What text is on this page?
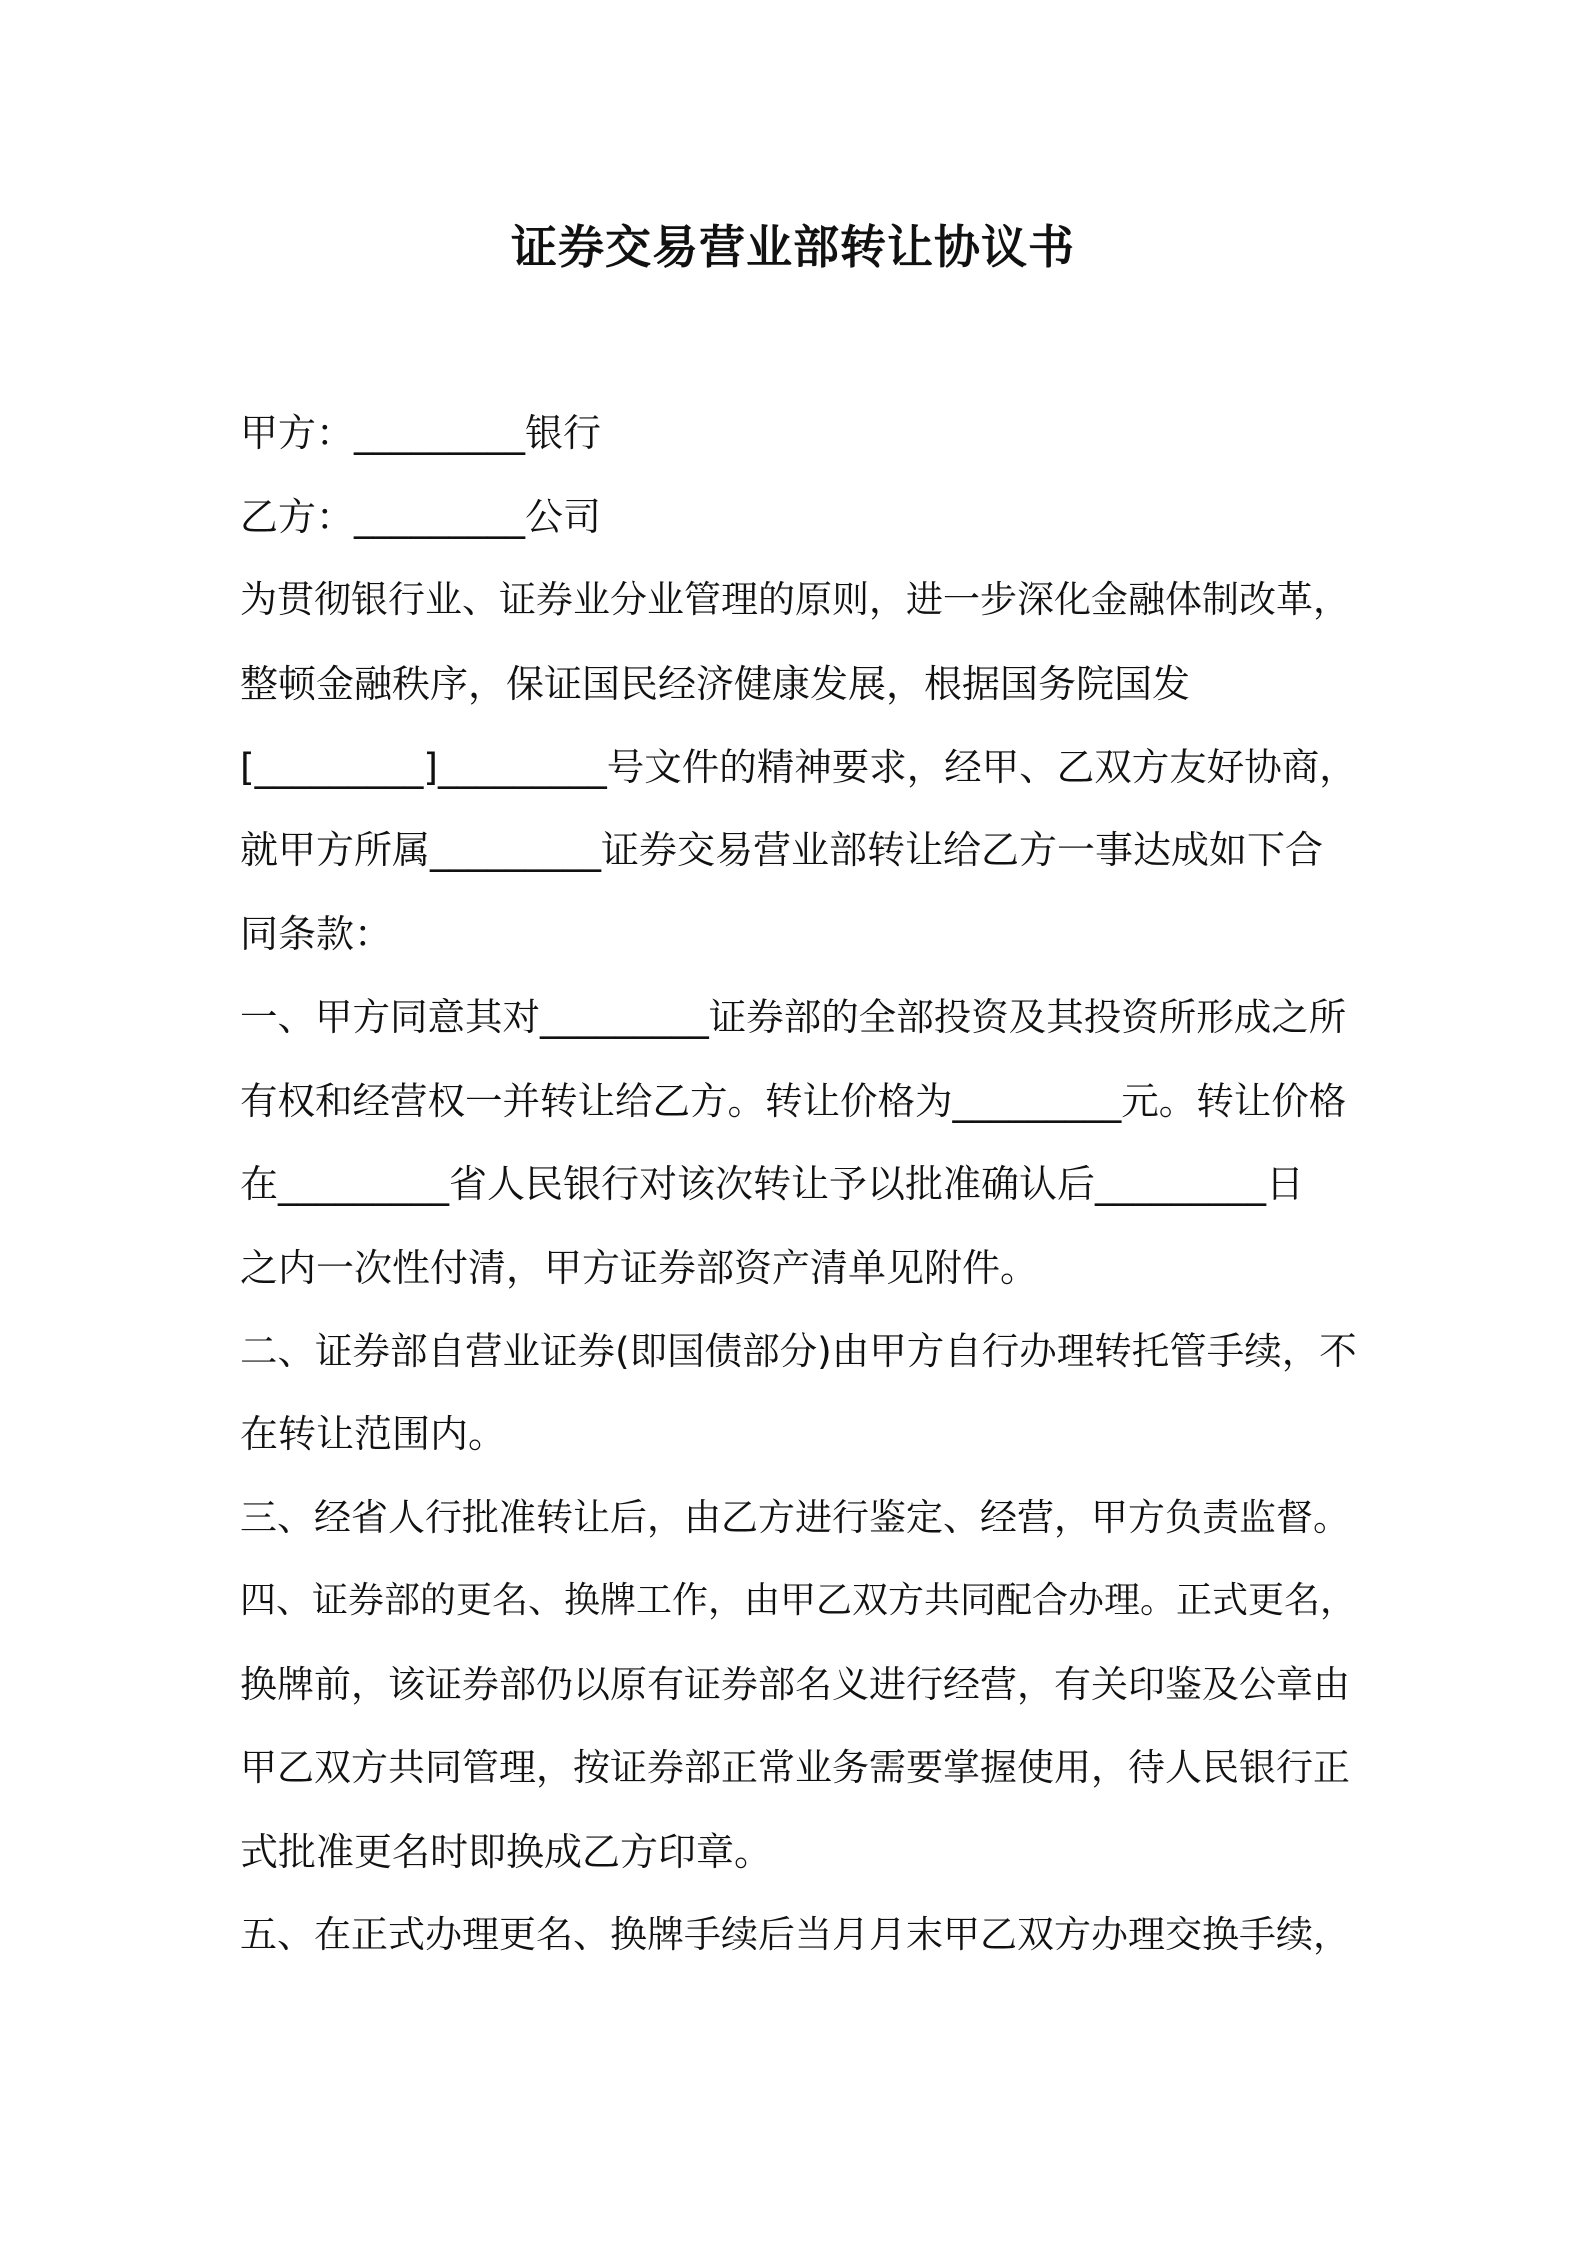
证券交易营业部转让协议书
甲方：_________银行
乙方：_________公司
为贯彻银行业、证券业分业管理的原则，进一步深化金融体制改革，
整顿金融秩序，保证国民经济健康发展，根据国务院国发
[_________]_________号文件的精神要求，经甲、乙双方友好协商，
就甲方所属_________证券交易营业部转让给乙方一事达成如下合
同条款：
一、甲方同意其对_________证券部的全部投资及其投资所形成之所
有权和经营权一并转让给乙方。转让价格为_________元。转让价格
在_________省人民银行对该次转让予以批准确认后_________日
之内一次性付清，甲方证券部资产清单见附件。
二、证券部自营业证券(即国债部分)由甲方自行办理转托管手续，不
在转让范围内。
三、经省人行批准转让后，由乙方进行鉴定、经营，甲方负责监督。
四、证券部的更名、换牌工作，由甲乙双方共同配合办理。正式更名，
换牌前，该证券部仍以原有证券部名义进行经营，有关印鉴及公章由
甲乙双方共同管理，按证券部正常业务需要掌握使用，待人民银行正
式批准更名时即换成乙方印章。
五、在正式办理更名、换牌手续后当月月末甲乙双方办理交换手续，
